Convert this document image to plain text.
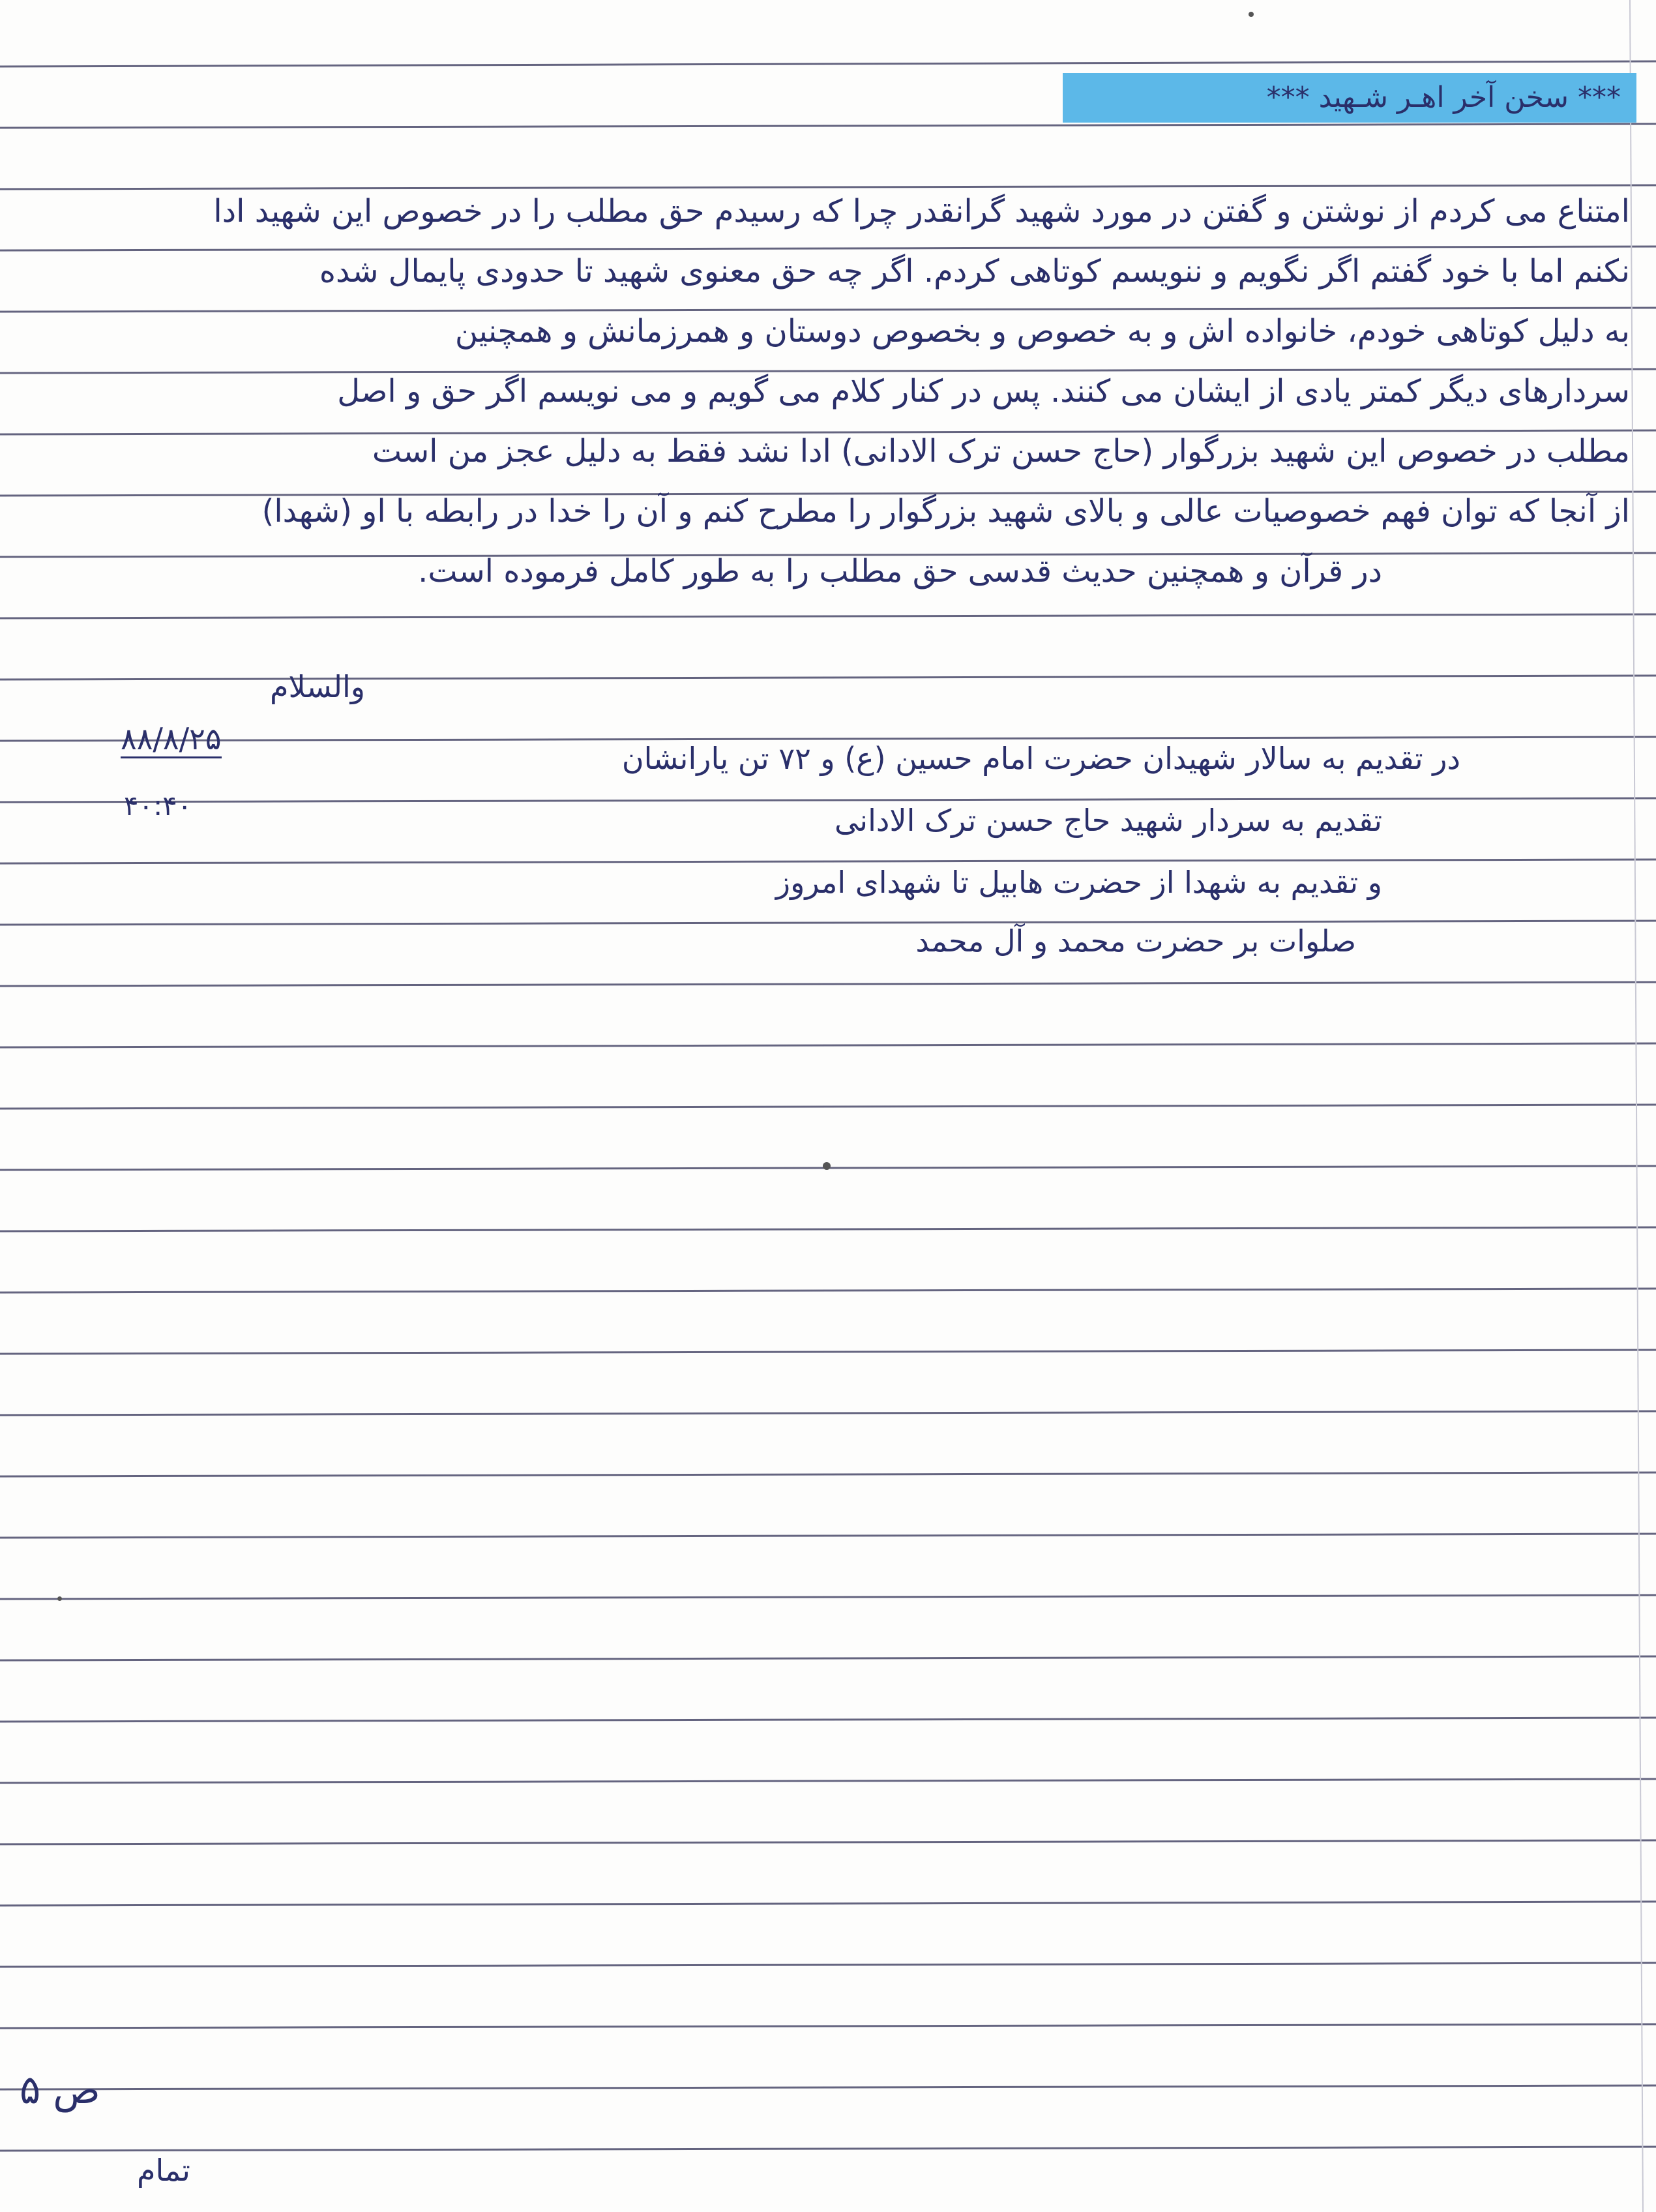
*** سخن آخر اهـر شـهید ***
امتناع می کردم از نوشتن و گفتن در مورد شهید گرانقدر چرا که رسیدم حق مطلب را در خصوص این شهید ادا
نکنم اما با خود گفتم اگر نگویم و ننویسم کوتاهی کردم. اگر چه حق معنوی شهید تا حدودی پایمال شده
به دلیل کوتاهی خودم، خانواده اش و به خصوص و بخصوص دوستان و همرزمانش و همچنین
سردارهای دیگر کمتر یادی از ایشان می کنند. پس در کنار کلام می گویم و می نویسم اگر حق و اصل
مطلب در خصوص این شهید بزرگوار (حاج حسن ترک الادانی) ادا نشد فقط به دلیل عجز من است
از آنجا که توان فهم خصوصیات عالی و بالای شهید بزرگوار را مطرح کنم و آن را خدا در رابطه با او (شهدا)
در قرآن و همچنین حدیث قدسی حق مطلب را به طور کامل فرموده است.
والسلام
۸۸/۸/۲۵
۴۰:۴۰
در تقدیم به سالار شهیدان حضرت امام حسین (ع) و ۷۲ تن یارانشان
تقدیم به سردار شهید حاج حسن ترک الادانی
و تقدیم به شهدا از حضرت هابیل تا شهدای امروز
صلوات بر حضرت محمد و آل محمد
ص ۵
تمام
